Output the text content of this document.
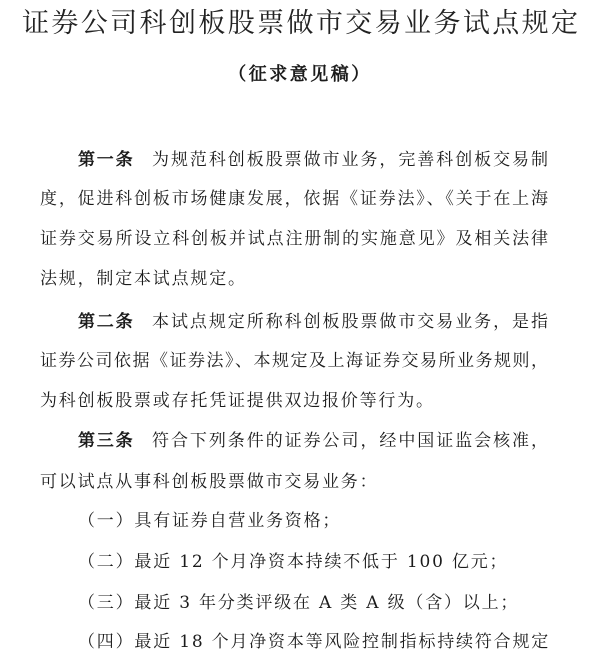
证券公司科创板股票做市交易业务试点规定
（征求意见稿）
第一条	为规范科创板股票做市业务，完善科创板交易制
度，促进科创板市场健康发展，依据《证券法》、《关于在上海
证券交易所设立科创板并试点注册制的实施意见》及相关法律
法规，制定本试点规定。
第二条	本试点规定所称科创板股票做市交易业务，是指
证券公司依据《证券法》、本规定及上海证券交易所业务规则，
为科创板股票或存托凭证提供双边报价等行为。
第三条	符合下列条件的证券公司，经中国证监会核准，
可以试点从事科创板股票做市交易业务：
（一）具有证券自营业务资格；
（二）最近 12 个月净资本持续不低于 100 亿元；
（三）最近 3 年分类评级在 A 类 A 级（含）以上；
（四）最近 18 个月净资本等风险控制指标持续符合规定
